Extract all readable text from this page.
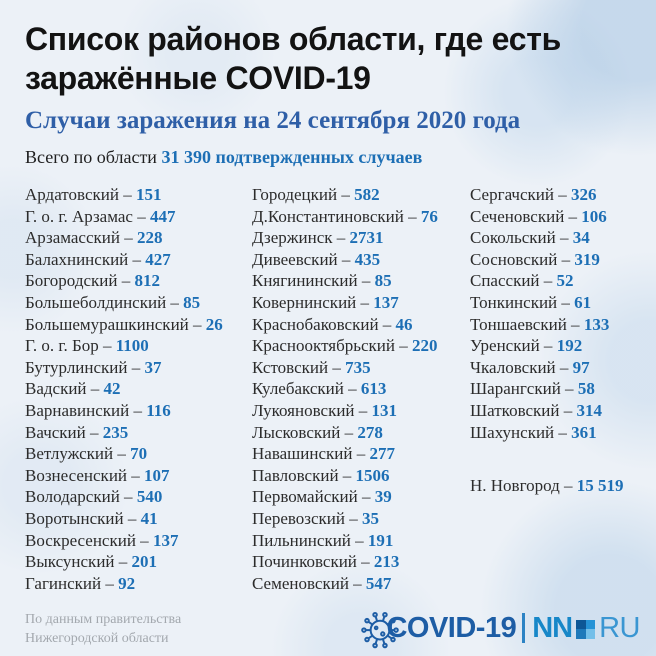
Список районов области, где есть заражённые COVID-19
Случаи заражения на 24 сентября 2020 года
Всего по области 31 390 подтвержденных случаев
Ардатовский – 151
Г. о. г. Арзамас – 447
Арзамасский – 228
Балахнинский – 427
Богородский – 812
Большеболдинский – 85
Большемурашкинский – 26
Г. о. г. Бор – 1100
Бутурлинский – 37
Вадский – 42
Варнавинский – 116
Вачский – 235
Ветлужский – 70
Вознесенский – 107
Володарский – 540
Воротынский – 41
Воскресенский – 137
Выксунский – 201
Гагинский – 92
Городецкий – 582
Д.Константиновский – 76
Дзержинск – 2731
Дивеевский – 435
Княгининский – 85
Ковернинский – 137
Краснобаковский – 46
Краснооктябрьский – 220
Кстовский – 735
Кулебакский – 613
Лукояновский – 131
Лысковский – 278
Навашинский – 277
Павловский – 1506
Первомайский – 39
Перевозский – 35
Пильнинский – 191
Починковский – 213
Семеновский – 547
Сергачский – 326
Сеченовский – 106
Сокольский – 34
Сосновский – 319
Спасский – 52
Тонкинский – 61
Тоншаевский – 133
Уренский – 192
Чкаловский – 97
Шарангский – 58
Шатковский – 314
Шахунский – 361
Н. Новгород – 15 519
По данным правительства
Нижегородской области	COVID-19 NN RU
